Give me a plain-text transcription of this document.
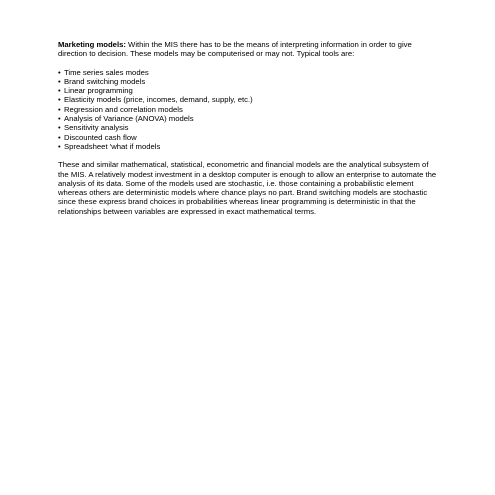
Marketing models: Within the MIS there has to be the means of interpreting information in order to give direction to decision. These models may be computerised or may not. Typical tools are:

• Time series sales modes
• Brand switching models
• Linear programming
• Elasticity models (price, incomes, demand, supply, etc.)
• Regression and correlation models
• Analysis of Variance (ANOVA) models
• Sensitivity analysis
• Discounted cash flow
• Spreadsheet 'what if models

These and similar mathematical, statistical, econometric and financial models are the analytical subsystem of the MIS. A relatively modest investment in a desktop computer is enough to allow an enterprise to automate the analysis of its data. Some of the models used are stochastic, i.e. those containing a probabilistic element whereas others are deterministic models where chance plays no part. Brand switching models are stochastic since these express brand choices in probabilities whereas linear programming is deterministic in that the relationships between variables are expressed in exact mathematical terms.
